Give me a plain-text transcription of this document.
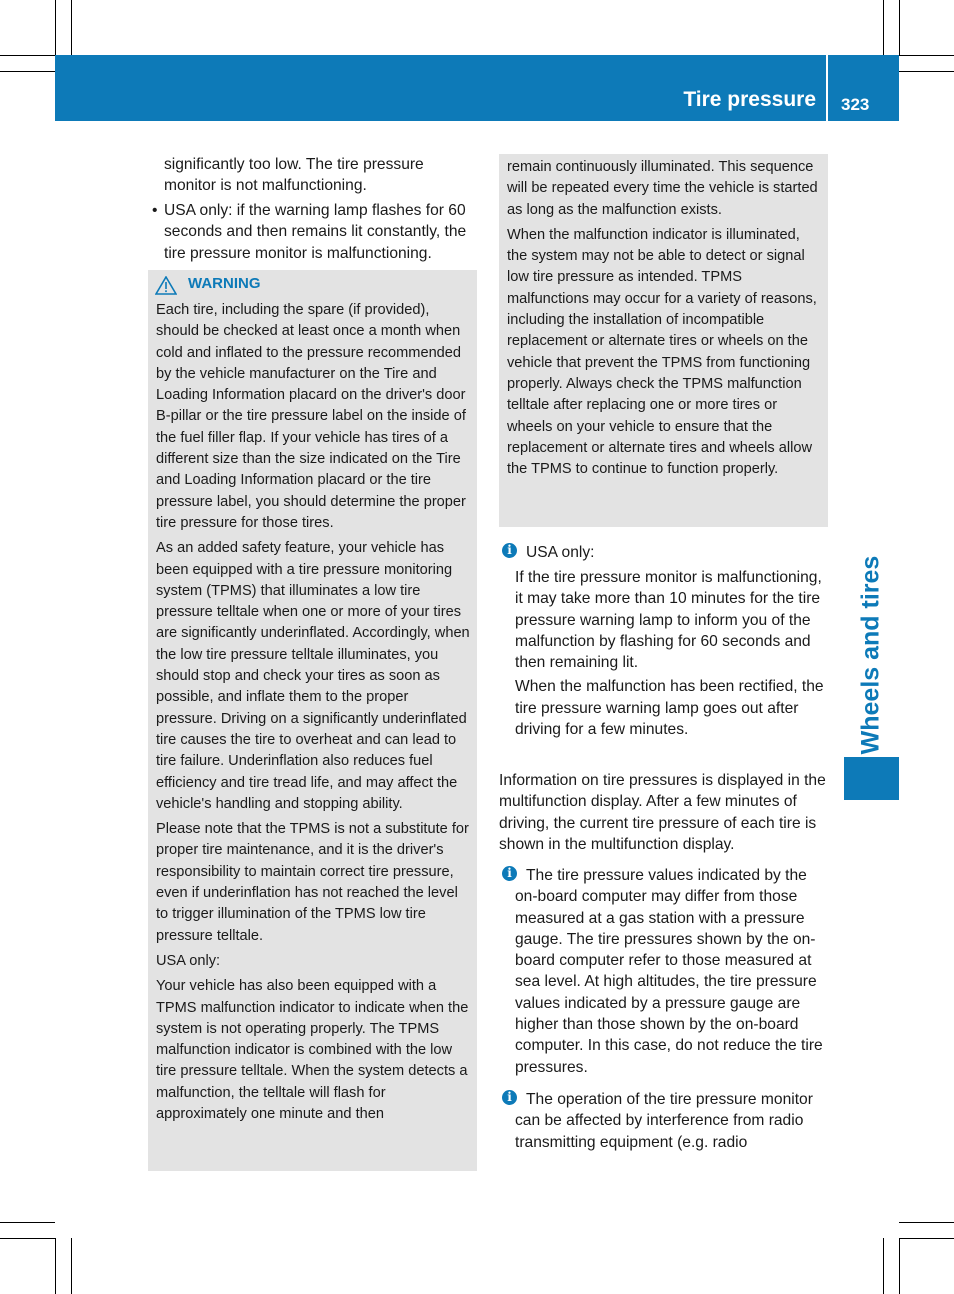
Tire pressure 323
Wheels and tires

significantly too low. The tire pressure monitor is not malfunctioning.

• USA only: if the warning lamp flashes for 60 seconds and then remains lit constantly, the tire pressure monitor is malfunctioning.

WARNING

Each tire, including the spare (if provided), should be checked at least once a month when cold and inflated to the pressure recommended by the vehicle manufacturer on the Tire and Loading Information placard on the driver's door B-pillar or the tire pressure label on the inside of the fuel filler flap. If your vehicle has tires of a different size than the size indicated on the Tire and Loading Information placard or the tire pressure label, you should determine the proper tire pressure for those tires.

As an added safety feature, your vehicle has been equipped with a tire pressure monitoring system (TPMS) that illuminates a low tire pressure telltale when one or more of your tires are significantly underinflated. Accordingly, when the low tire pressure telltale illuminates, you should stop and check your tires as soon as possible, and inflate them to the proper pressure. Driving on a significantly underinflated tire causes the tire to overheat and can lead to tire failure. Underinflation also reduces fuel efficiency and tire tread life, and may affect the vehicle's handling and stopping ability.

Please note that the TPMS is not a substitute for proper tire maintenance, and it is the driver's responsibility to maintain correct tire pressure, even if underinflation has not reached the level to trigger illumination of the TPMS low tire pressure telltale.

USA only:

Your vehicle has also been equipped with a TPMS malfunction indicator to indicate when the system is not operating properly. The TPMS malfunction indicator is combined with the low tire pressure telltale. When the system detects a malfunction, the telltale will flash for approximately one minute and then

remain continuously illuminated. This sequence will be repeated every time the vehicle is started as long as the malfunction exists.

When the malfunction indicator is illuminated, the system may not be able to detect or signal low tire pressure as intended. TPMS malfunctions may occur for a variety of reasons, including the installation of incompatible replacement or alternate tires or wheels on the vehicle that prevent the TPMS from functioning properly. Always check the TPMS malfunction telltale after replacing one or more tires or wheels on your vehicle to ensure that the replacement or alternate tires and wheels allow the TPMS to continue to function properly.

i USA only:

If the tire pressure monitor is malfunctioning, it may take more than 10 minutes for the tire pressure warning lamp to inform you of the malfunction by flashing for 60 seconds and then remaining lit.

When the malfunction has been rectified, the tire pressure warning lamp goes out after driving for a few minutes.

Information on tire pressures is displayed in the multifunction display. After a few minutes of driving, the current tire pressure of each tire is shown in the multifunction display.

i The tire pressure values indicated by the on-board computer may differ from those measured at a gas station with a pressure gauge. The tire pressures shown by the on-board computer refer to those measured at sea level. At high altitudes, the tire pressure values indicated by a pressure gauge are higher than those shown by the on-board computer. In this case, do not reduce the tire pressures.

i The operation of the tire pressure monitor can be affected by interference from radio transmitting equipment (e.g. radio
